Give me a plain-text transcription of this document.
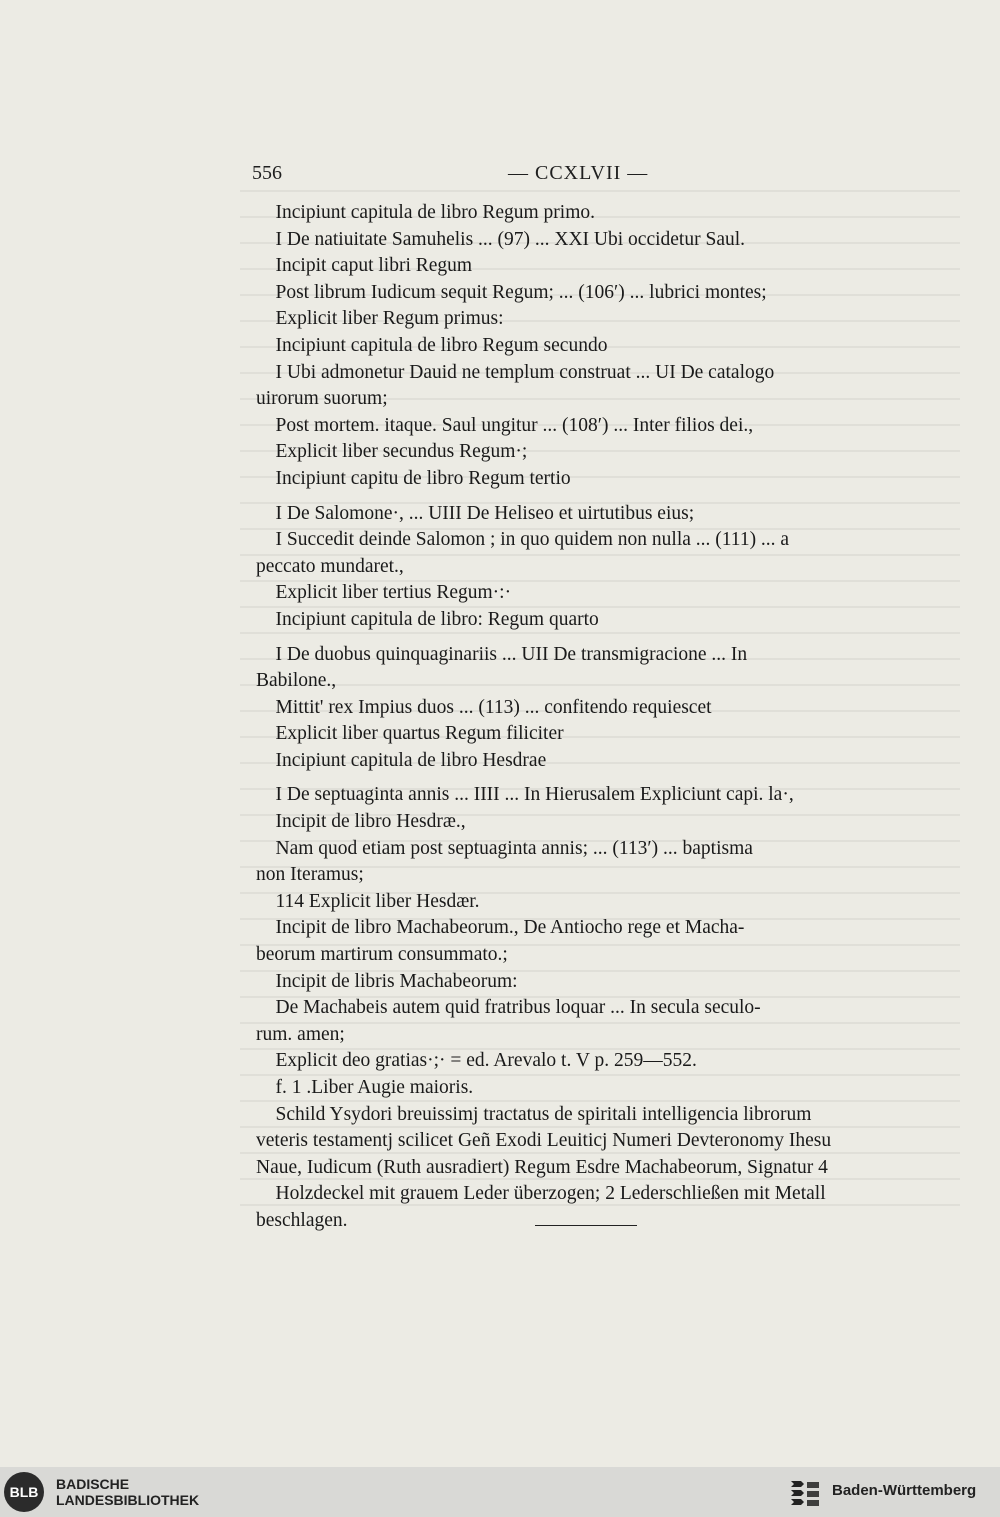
556	— CCXLVII —
Incipiunt capitula de libro Regum primo.
I De natiuitate Samuhelis ... (97) ... XXI Ubi occidetur Saul.
Incipit caput libri Regum
Post librum Iudicum sequit Regum; ... (106′) ... lubrici montes;
Explicit liber Regum primus:
Incipiunt capitula de libro Regum secundo
I Ubi admonetur Dauid ne templum construat ... UI De catalogo
uirorum suorum;
Post mortem. itaque. Saul ungitur ... (108′) ... Inter filios dei.,
Explicit liber secundus Regum·;
Incipiunt capitu de libro Regum tertio
I De Salomone·, ... UIII De Heliseo et uirtutibus eius;
I Succedit deinde Salomon ; in quo quidem non nulla ... (111) ... a
peccato mundaret.,
Explicit liber tertius Regum·:·
Incipiunt capitula de libro: Regum quarto
I De duobus quinquaginariis ... UII De transmigracione ... In
Babilone.,
Mittit' rex Impius duos ... (113) ... confitendo requiescet
Explicit liber quartus Regum filiciter
Incipiunt capitula de libro Hesdrae
I De septuaginta annis ... IIII ... In Hierusalem Expliciunt capi. la·,
Incipit de libro Hesdræ.,
Nam quod etiam post septuaginta annis; ... (113′) ... baptisma
non Iteramus;
114 Explicit liber Hesdær.
Incipit de libro Machabeorum., De Antiocho rege et Macha-
beorum martirum consummato.;
Incipit de libris Machabeorum:
De Machabeis autem quid fratribus loquar ... In secula seculo-
rum. amen;
Explicit deo gratias·;· = ed. Arevalo t. V p. 259—552.
f. 1 .Liber Augie maioris.
Schild Ysydori breuissimj tractatus de spiritali intelligencia librorum
veteris testamentj scilicet Geñ Exodi Leuiticj Numeri Devteronomy Ihesu
Naue, Iudicum (Ruth ausradiert) Regum Esdre Machabeorum, Signatur 4
Holzdeckel mit grauem Leder überzogen; 2 Lederschließen mit Metall
beschlagen.
BLB	BADISCHE
LANDESBIBLIOTHEK
Baden-Württemberg
